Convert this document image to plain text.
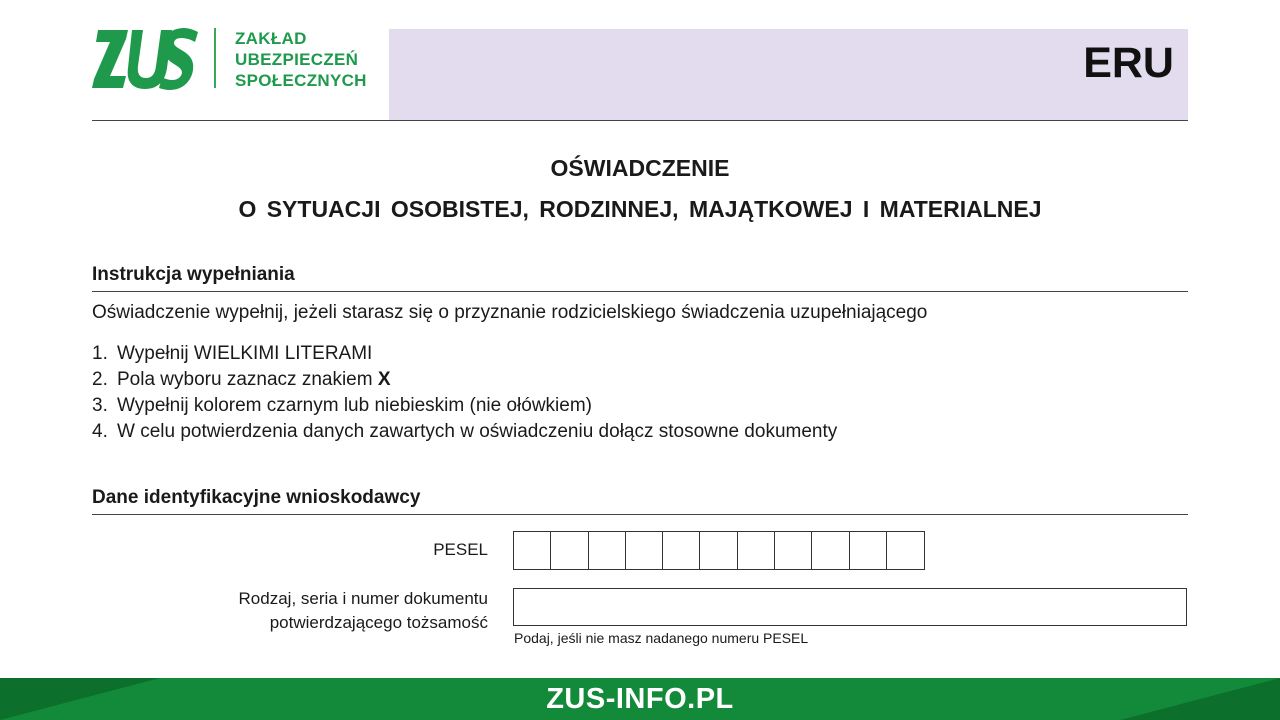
ZAKŁAD
UBEZPIECZEŃ
SPOŁECZNYCH	ERU
OŚWIADCZENIE
O SYTUACJI OSOBISTEJ, RODZINNEJ, MAJĄTKOWEJ I MATERIALNEJ
Instrukcja wypełniania
Oświadczenie wypełnij, jeżeli starasz się o przyznanie rodzicielskiego świadczenia uzupełniającego
1. Wypełnij WIELKIMI LITERAMI
2. Pola wyboru zaznacz znakiem X
3. Wypełnij kolorem czarnym lub niebieskim (nie ołówkiem)
4. W celu potwierdzenia danych zawartych w oświadczeniu dołącz stosowne dokumenty
Dane identyfikacyjne wnioskodawcy
PESEL
Rodzaj, seria i numer dokumentu
potwierdzającego tożsamość
Podaj, jeśli nie masz nadanego numeru PESEL
ZUS-INFO.PL
